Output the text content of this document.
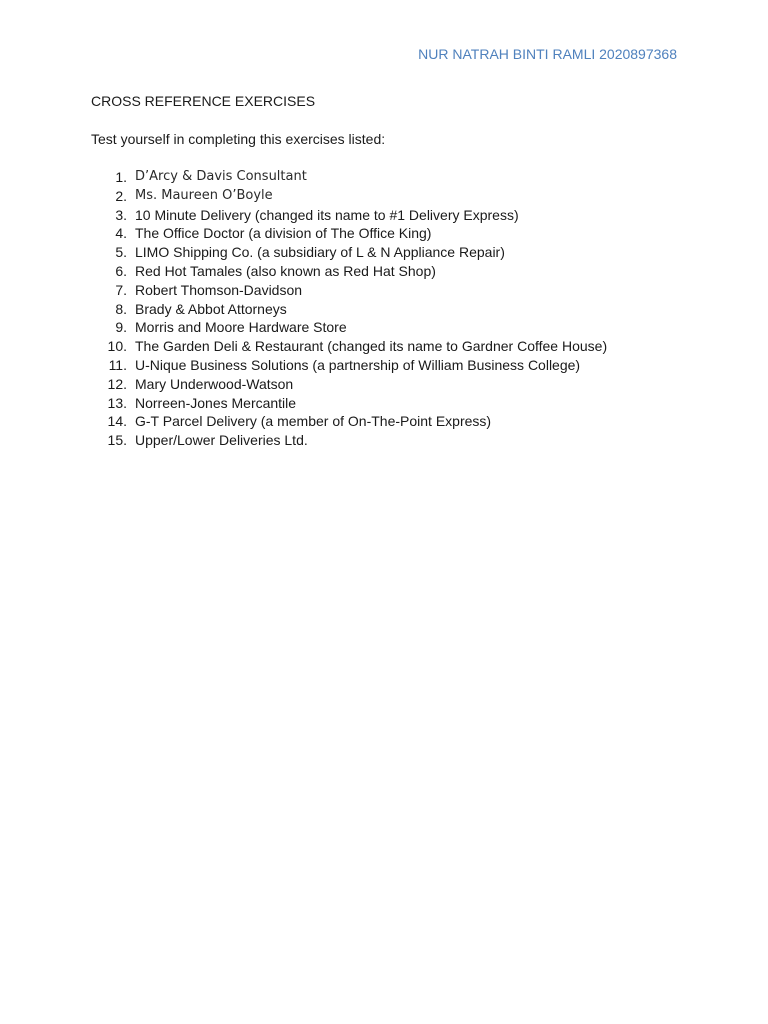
NUR NATRAH BINTI RAMLI 2020897368
CROSS REFERENCE EXERCISES
Test yourself in completing this exercises listed:
1. D’Arcy & Davis Consultant
2. Ms. Maureen O’Boyle
3. 10 Minute Delivery (changed its name to #1 Delivery Express)
4. The Office Doctor (a division of The Office King)
5. LIMO Shipping Co. (a subsidiary of L & N Appliance Repair)
6. Red Hot Tamales (also known as Red Hat Shop)
7. Robert Thomson-Davidson
8. Brady & Abbot Attorneys
9. Morris and Moore Hardware Store
10. The Garden Deli & Restaurant (changed its name to Gardner Coffee House)
11. U-Nique Business Solutions (a partnership of William Business College)
12. Mary Underwood-Watson
13. Norreen-Jones Mercantile
14. G-T Parcel Delivery (a member of On-The-Point Express)
15. Upper/Lower Deliveries Ltd.
